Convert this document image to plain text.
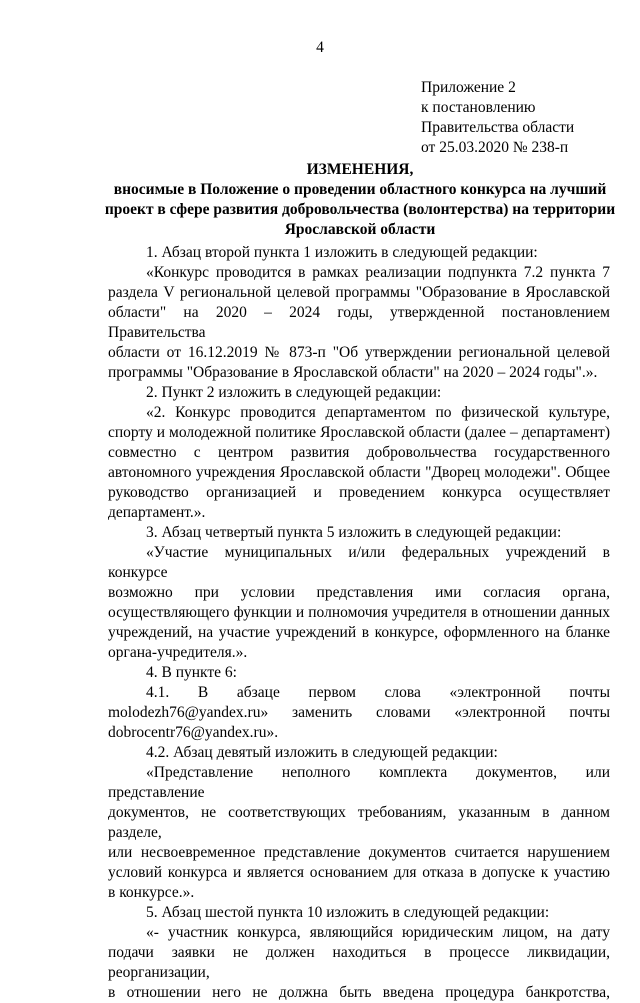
4
Приложение 2
к постановлению
Правительства области
от 25.03.2020 № 238-п
ИЗМЕНЕНИЯ,
вносимые в Положение о проведении областного конкурса на лучший
проект в сфере развития добровольчества (волонтерства) на территории
Ярославской области
1. Абзац второй пункта 1 изложить в следующей редакции:
«Конкурс проводится в рамках реализации подпункта 7.2 пункта 7
раздела V региональной целевой программы "Образование в Ярославской
области" на 2020 – 2024 годы, утвержденной постановлением Правительства
области от 16.12.2019 № 873-п "Об утверждении региональной целевой
программы "Образование в Ярославской области" на 2020 – 2024 годы".».
2. Пункт 2 изложить в следующей редакции:
«2. Конкурс проводится департаментом по физической культуре,
спорту и молодежной политике Ярославской области (далее – департамент)
совместно с центром развития добровольчества государственного
автономного учреждения Ярославской области "Дворец молодежи". Общее
руководство организацией и проведением конкурса осуществляет
департамент.».
3. Абзац четвертый пункта 5 изложить в следующей редакции:
«Участие муниципальных и/или федеральных учреждений в конкурсе
возможно при условии представления ими согласия органа,
осуществляющего функции и полномочия учредителя в отношении данных
учреждений, на участие учреждений в конкурсе, оформленного на бланке
органа-учредителя.».
4. В пункте 6:
4.1. В абзаце первом слова «электронной почты
molodezh76@yandex.ru» заменить словами «электронной почты
dobrocentr76@yandex.ru».
4.2. Абзац девятый изложить в следующей редакции:
«Представление неполного комплекта документов, или представление
документов, не соответствующих требованиям, указанным в данном разделе,
или несвоевременное представление документов считается нарушением
условий конкурса и является основанием для отказа в допуске к участию
в конкурсе.».
5. Абзац шестой пункта 10 изложить в следующей редакции:
«- участник конкурса, являющийся юридическим лицом, на дату
подачи заявки не должен находиться в процессе ликвидации, реорганизации,
в отношении него не должна быть введена процедура банкротства,
